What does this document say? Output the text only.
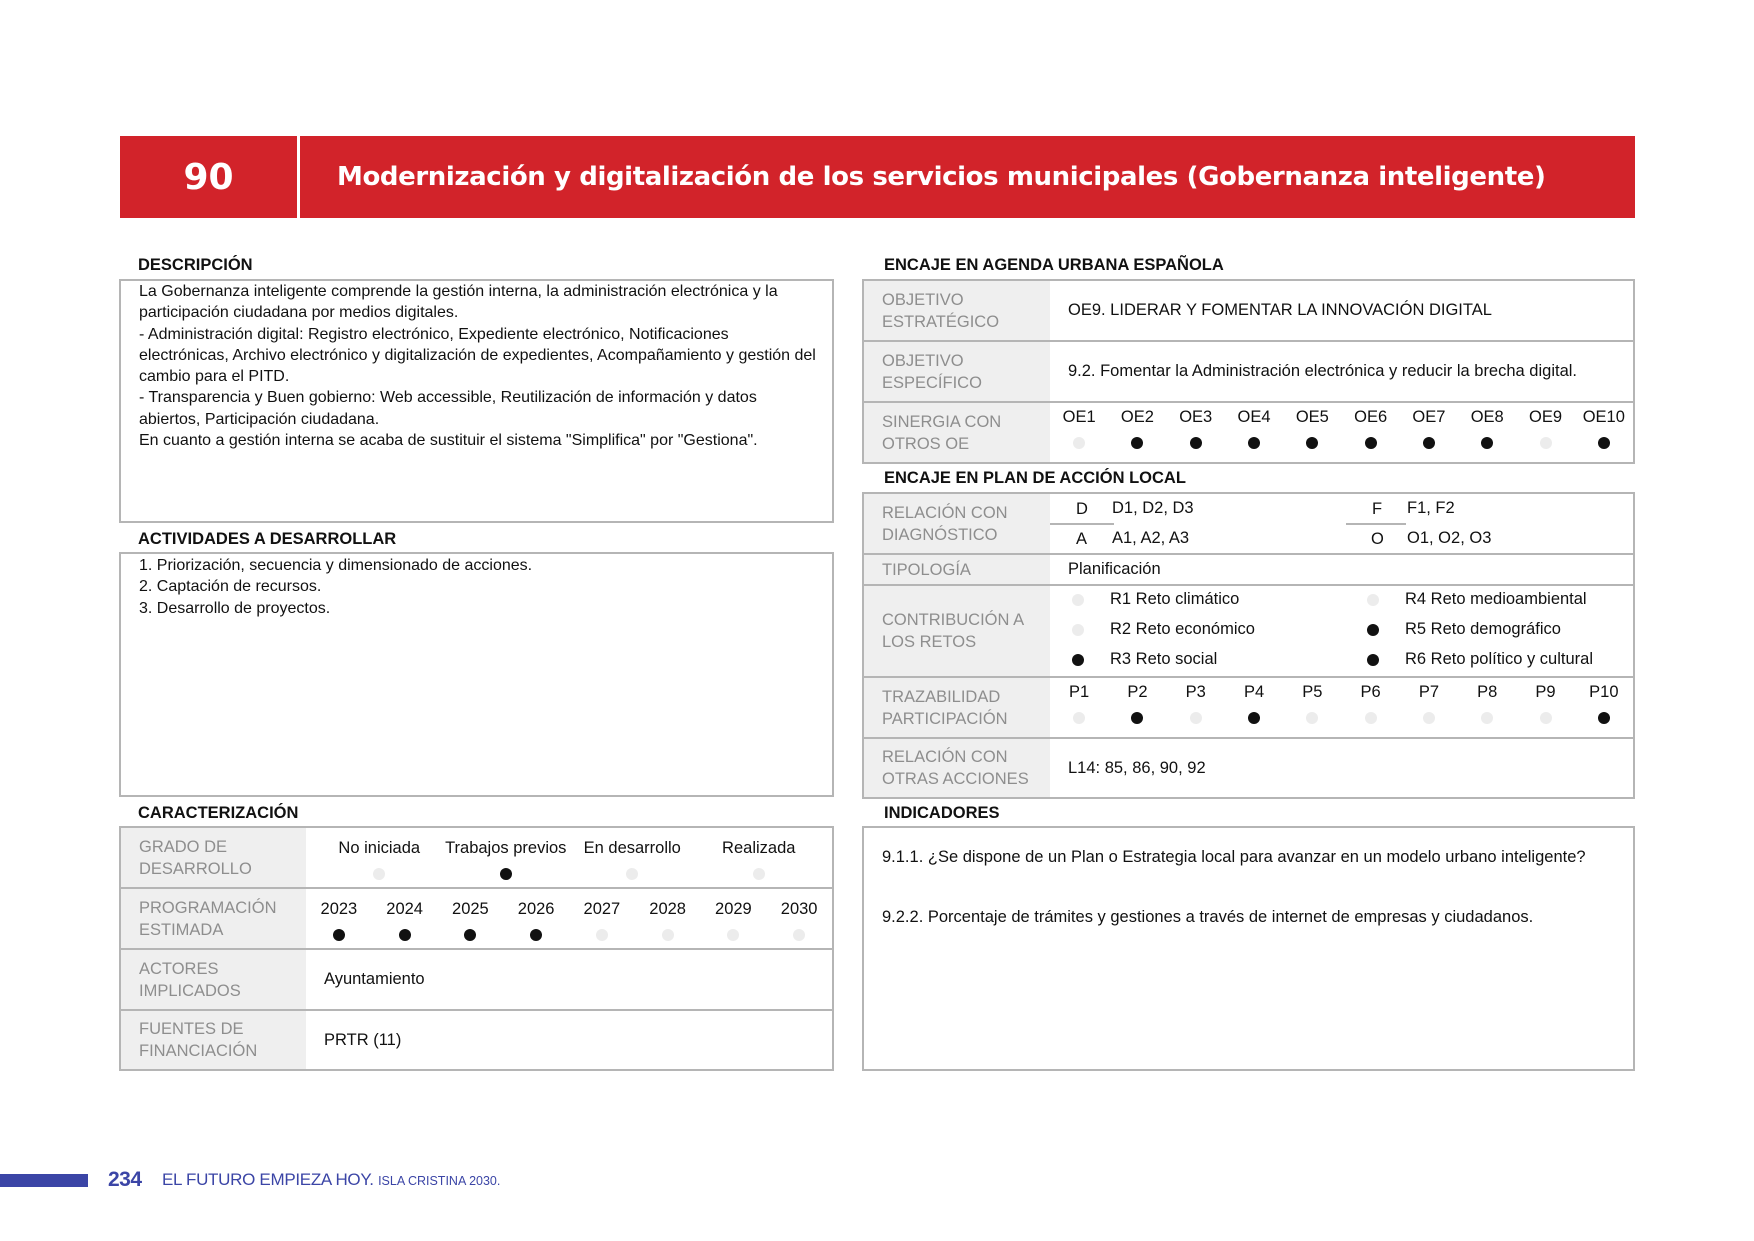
90	Modernización y digitalización de los servicios municipales (Gobernanza inteligente)
DESCRIPCIÓN

La Gobernanza inteligente comprende la gestión interna, la administración electrónica y la participación ciudadana por medios digitales.

- Administración digital: Registro electrónico, Expediente electrónico, Notificaciones electrónicas, Archivo electrónico y digitalización de expedientes, Acompañamiento y gestión del cambio para el PITD.

- Transparencia y Buen gobierno: Web accessible, Reutilización de información y datos abiertos, Participación ciudadana.

En cuanto a gestión interna se acaba de sustituir el sistema "Simplifica" por "Gestiona".

ACTIVIDADES A DESARROLLAR

1. Priorización, secuencia y dimensionado de acciones.

2. Captación de recursos.

3. Desarrollo de proyectos.

CARACTERIZACIÓN
GRADO DE DESARROLLO
No iniciada Trabajos previos En desarrollo Realizada
PROGRAMACIÓN ESTIMADA
2023 2024 2025 2026 2027 2028 2029 2030
ACTORES IMPLICADOS
Ayuntamiento
FUENTES DE FINANCIACIÓN
PRTR (11)
ENCAJE EN AGENDA URBANA ESPAÑOLA
OBJETIVO ESTRATÉGICO
OE9. LIDERAR Y FOMENTAR LA INNOVACIÓN DIGITAL
OBJETIVO ESPECÍFICO
9.2. Fomentar la Administración electrónica y reducir la brecha digital.
SINERGIA CON OTROS OE
OE1 OE2 OE3 OE4 OE5 OE6 OE7 OE8 OE9 OE10
ENCAJE EN PLAN DE ACCIÓN LOCAL
RELACIÓN CON DIAGNÓSTICO
D D1, D2, D3
A A1, A2, A3
F F1, F2
O O1, O2, O3
TIPOLOGÍA	Planificación
CONTRIBUCIÓN A LOS RETOS
R1 Reto climático
R2 Reto económico
R3 Reto social
R4 Reto medioambiental
R5 Reto demográfico
R6 Reto político y cultural
TRAZABILIDAD PARTICIPACIÓN
P1 P2 P3 P4 P5 P6 P7 P8 P9 P10
RELACIÓN CON OTRAS ACCIONES
L14: 85, 86, 90, 92
INDICADORES
9.1.1. ¿Se dispone de un Plan o Estrategia local para avanzar en un modelo urbano inteligente?
9.2.2. Porcentaje de trámites y gestiones a través de internet de empresas y ciudadanos.
234 EL FUTURO EMPIEZA HOY. ISLA CRISTINA 2030.
